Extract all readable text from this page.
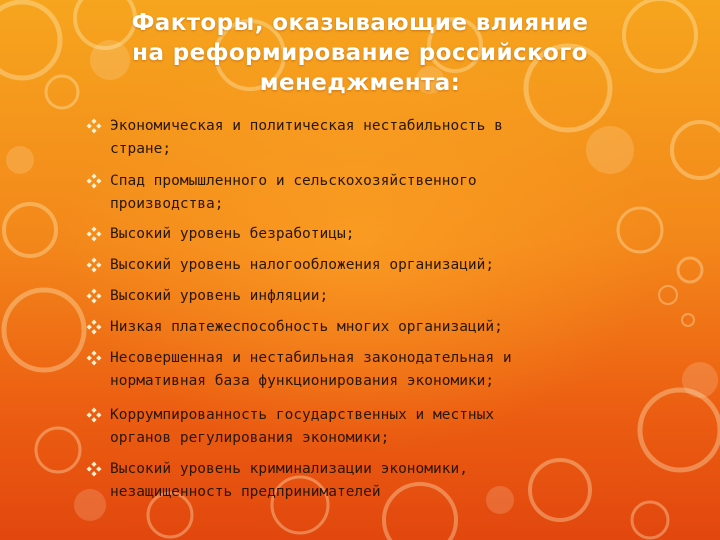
Факторы, оказывающие влияние
на реформирование российского
менеджмента:
Экономическая и политическая нестабильность в
стране;
Спад промышленного и сельскохозяйственного
производства;
Высокий уровень безработицы;
Высокий уровень налогообложения организаций;
Высокий уровень инфляции;
Низкая платежеспособность многих организаций;
Несовершенная и нестабильная законодательная и
нормативная база функционирования экономики;
Коррумпированность государственных и местных
органов регулирования экономики;
Высокий уровень криминализации экономики,
незащищенность предпринимателей
